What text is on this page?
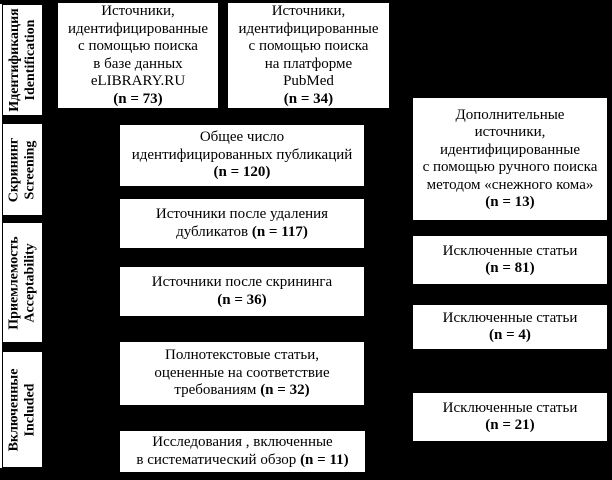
Идентификация Identification
Скрининг Screening
Приемлемость Acceptability
Включенные Included
Источники,
идентифицированные
с помощью поиска
в базе данных
eLIBRARY.RU
(n = 73)
Источники,
идентифицированные
с помощью поиска
на платформе
PubMed
(n = 34)
Дополнительные
источники,
идентифицированные
с помощью ручного поиска
методом «снежного кома»
(n = 13)
Общее число
идентифицированных публикаций
(n = 120)
Источники после удаления
дубликатов (n = 117)
Источники после скрининга
(n = 36)
Полнотекстовые статьи,
оцененные на соответствие
требованиям (n = 32)
Исследования , включенные
в систематический обзор (n = 11)
Исключенные статьи
(n = 81)
Исключенные статьи
(n = 4)
Исключенные статьи
(n = 21)
